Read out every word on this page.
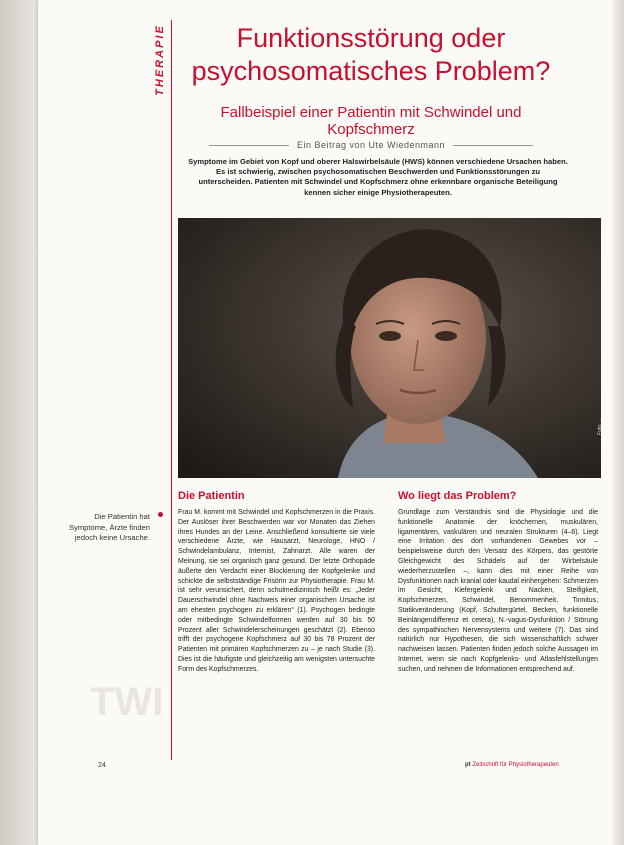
THERAPIE	Funktionsstörung oder psychosomatisches Problem?
Fallbeispiel einer Patientin mit Schwindel und Kopfschmerz
Ein Beitrag von Ute Wiedenmann
Symptome im Gebiet von Kopf und oberer Halswirbelsäule (HWS) können verschiedene Ursachen haben. Es ist schwierig, zwischen psychosomatischen Beschwerden und Funktionsstörungen zu unterscheiden. Patienten mit Schwindel und Kopfschmerz ohne erkennbare organische Beteiligung kennen sicher einige Physiotherapeuten.
Foto: ...
Die Patientin hat Symptome, Ärzte finden jedoch keine Ursache.
Die Patientin
Frau M. kommt mit Schwindel und Kopfschmerzen in die Praxis. Der Auslöser ihrer Beschwerden war vor Monaten das Ziehen ihres Hundes an der Leine. Anschließend konsultierte sie viele verschiedene Ärzte, wie Hausarzt, Neurologe, HNO / Schwindelambulanz, Internist, Zahnarzt. Alle waren der Meinung, sie sei organisch ganz gesund. Der letzte Orthopäde äußerte den Verdacht einer Blockierung der Kopfgelenke und schickte die selbstständige Frisörin zur Physiotherapie. Frau M. ist sehr verunsichert, denn schulmedizinisch heißt es: „Jeder Dauerschwindel ohne Nachweis einer organischen Ursache ist am ehesten psychogen zu erklären“ (1). Psychogen bedingte oder mitbedingte Schwindelformen werden auf 30 bis 50 Prozent aller Schwindelerscheinungen geschätzt (2). Ebenso trifft der psychogene Kopfschmerz auf 30 bis 78 Prozent der Patienten mit primären Kopfschmerzen zu – je nach Studie (3). Dies ist die häufigste und gleichzeitig am wenigsten untersuchte Form des Kopfschmerzes.
Wo liegt das Problem?
Grundlage zum Verständnis sind die Physiologie und die funktionelle Anatomie der knöchernen, muskulären, ligamentären, vaskulären und neuralen Strukturen (4–6). Liegt eine Irritation des dort vorhandenen Gewebes vor – beispielsweise durch den Versatz des Körpers, das gestörte Gleichgewicht des Schädels auf der Wirbelsäule wiederherzustellen –, kann dies mit einer Reihe von Dysfunktionen nach kranial oder kaudal einhergehen: Schmerzen im Gesicht, Kiefergelenk und Nacken, Steifigkeit, Kopfschmerzen, Schwindel, Benommenheit, Tinnitus, Statikveränderung (Kopf, Schultergürtel, Becken, funktionelle Beinlängendifferenz et cetera), N.-vagus-Dysfunktion / Störung des sympathischen Nervensystems und weitere (7). Das sind natürlich nur Hypothesen, die sich wissenschaftlich schwer nachweisen lassen. Patienten finden jedoch solche Aussagen im Internet, wenn sie nach Kopfgelenks- und Atlasfehlstellungen suchen, und nehmen die Informationen entsprechend auf.
TWI
24	pt Zeitschrift für Physiotherapeuten
